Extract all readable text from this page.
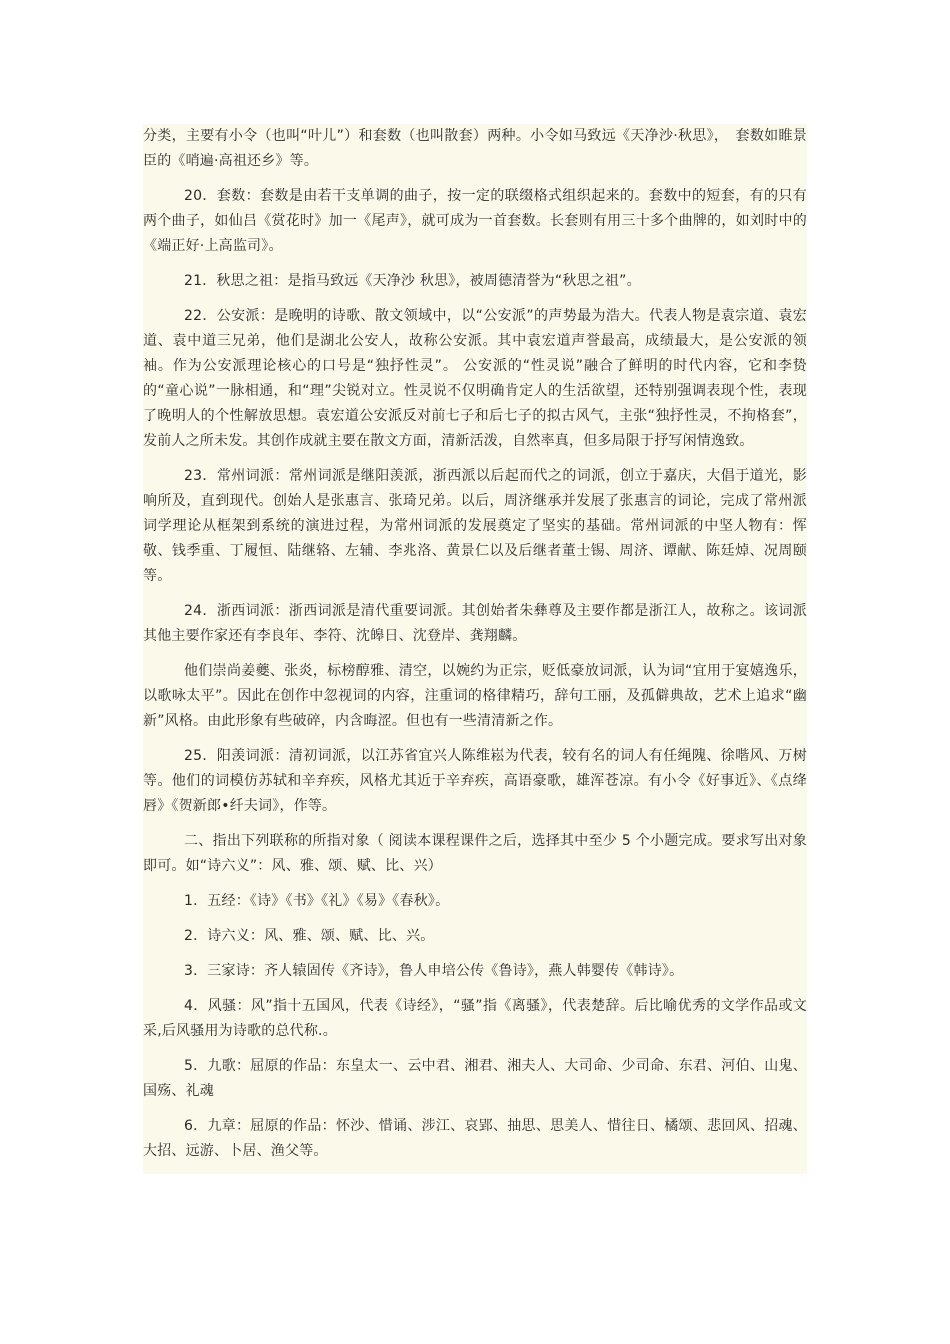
分类，主要有小令（也叫“叶儿”）和套数（也叫散套）两种。小令如马致远《天净沙·秋思》，　套数如睢景臣的《哨遍·高祖还乡》等。

20．套数：套数是由若干支单调的曲子，按一定的联缀格式组织起来的。套数中的短套，有的只有两个曲子，如仙吕《赏花时》加一《尾声》，就可成为一首套数。长套则有用三十多个曲牌的，如刘时中的《端正好·上高监司》。

21．秋思之祖：是指马致远《天净沙 秋思》，被周德清誉为“秋思之祖”。

22．公安派：是晚明的诗歌、散文领域中，以“公安派”的声势最为浩大。代表人物是袁宗道、袁宏道、袁中道三兄弟，他们是湖北公安人，故称公安派。其中袁宏道声誉最高，成绩最大，是公安派的领袖。作为公安派理论核心的口号是“独抒性灵”。 公安派的“性灵说”融合了鲜明的时代内容，它和李贽的“童心说”一脉相通，和“理”尖锐对立。性灵说不仅明确肯定人的生活欲望，还特别强调表现个性，表现了晚明人的个性解放思想。袁宏道公安派反对前七子和后七子的拟古风气，主张“独抒性灵，不拘格套”，发前人之所未发。其创作成就主要在散文方面，清新活泼，自然率真，但多局限于抒写闲情逸致。

23．常州词派：常州词派是继阳羡派，浙西派以后起而代之的词派，创立于嘉庆，大倡于道光，影响所及，直到现代。创始人是张惠言、张琦兄弟。以后，周济继承并发展了张惠言的词论，完成了常州派词学理论从框架到系统的演进过程，为常州词派的发展奠定了坚实的基础。常州词派的中坚人物有：恽敬、钱季重、丁履恒、陆继辂、左辅、李兆洛、黄景仁以及后继者董士锡、周济、谭献、陈廷焯、况周颐等。

24．浙西词派：浙西词派是清代重要词派。其创始者朱彝尊及主要作都是浙江人，故称之。该词派其他主要作家还有李良年、李符、沈皞日、沈登岸、龚翔麟。

他们崇尚姜夔、张炎，标榜醇雅、清空，以婉约为正宗，贬低豪放词派，认为词“宜用于宴嬉逸乐，以歌咏太平”。因此在创作中忽视词的内容，注重词的格律精巧，辞句工丽，及孤僻典故，艺术上追求“幽新”风格。由此形象有些破碎，内含晦涩。但也有一些清清新之作。

25．阳羡词派：清初词派，以江苏省宜兴人陈维崧为代表，较有名的词人有任绳隗、徐喈风、万树等。他们的词模仿苏轼和辛弃疾，风格尤其近于辛弃疾，高语豪歌，雄浑苍凉。有小令《好事近》、《点绛唇》《贺新郎•纤夫词》，作等。

二、指出下列联称的所指对象（ 阅读本课程课件之后，选择其中至少 5 个小题完成。要求写出对象即可。如“诗六义”：风、雅、颂、赋、比、兴）

1．五经：《诗》《书》《礼》《易》《春秋》。

2．诗六义：风、雅、颂、赋、比、兴。

3．三家诗：齐人辕固传《齐诗》，鲁人申培公传《鲁诗》，燕人韩婴传《韩诗》。

4．风骚：风”指十五国风，代表《诗经》，“骚”指《离骚》，代表楚辞。后比喻优秀的文学作品或文采,后风骚用为诗歌的总代称.。

5．九歌：屈原的作品：东皇太一、云中君、湘君、湘夫人、大司命、少司命、东君、河伯、山鬼、国殇、礼魂

6．九章：屈原的作品：怀沙、惜诵、涉江、哀郢、抽思、思美人、惜往日、橘颂、悲回风、招魂、大招、远游、卜居、渔父等。
